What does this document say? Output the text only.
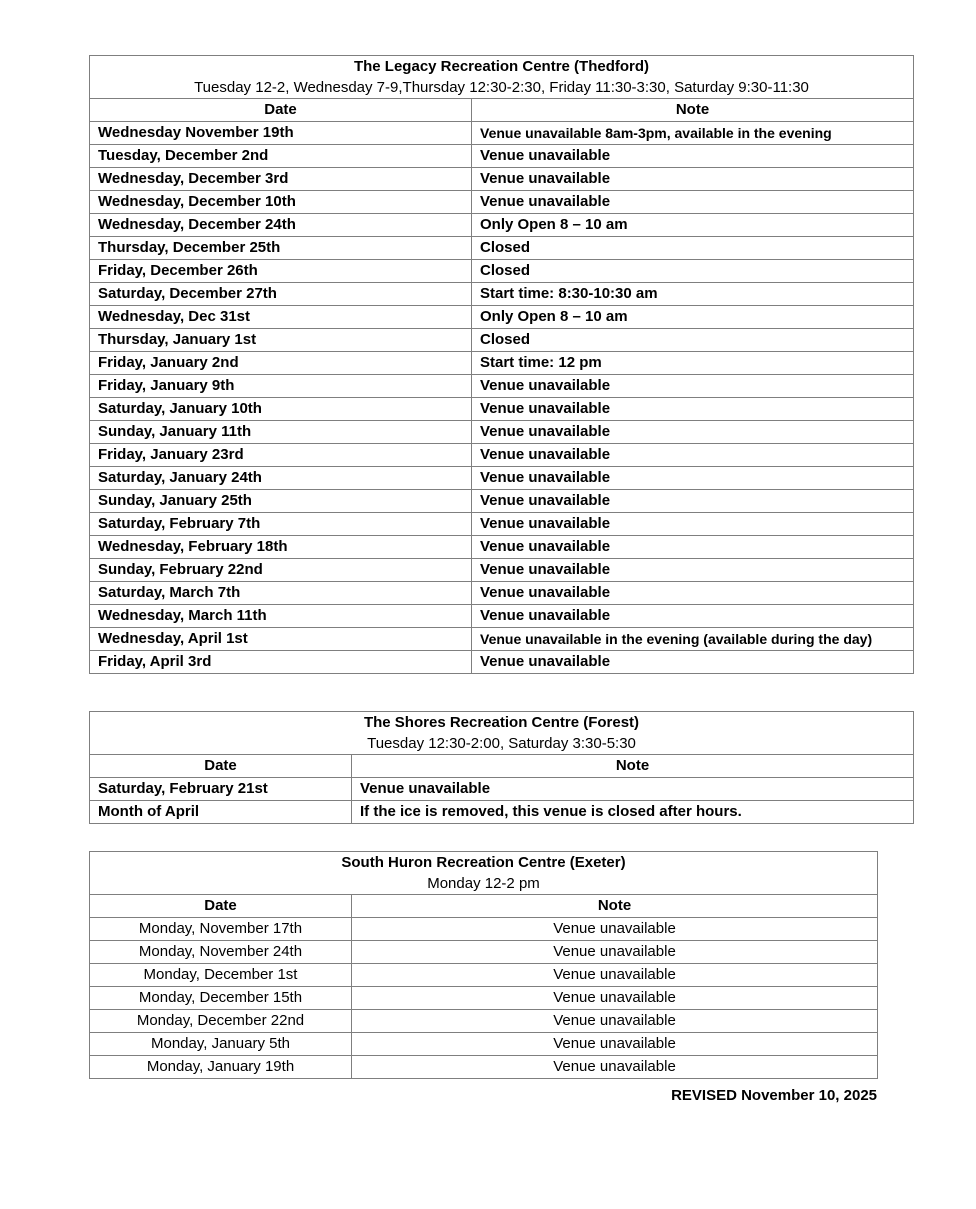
The Legacy Recreation Centre (Thedford)	
Tuesday 12-2, Wednesday 7-9,Thursday 12:30-2:30, Friday 11:30-3:30, Saturday 9:30-11:30	
Date	Note
Wednesday November 19th	Venue unavailable 8am-3pm, available in the evening
Tuesday, December 2nd	Venue unavailable
Wednesday, December 3rd	Venue unavailable
Wednesday, December 10th	Venue unavailable
Wednesday, December 24th	Only Open 8 – 10 am
Thursday, December 25th	Closed
Friday, December 26th	Closed
Saturday, December 27th	Start time: 8:30-10:30 am
Wednesday, Dec 31st	Only Open 8 – 10 am
Thursday, January 1st	Closed
Friday, January 2nd	Start time: 12 pm
Friday, January 9th	Venue unavailable
Saturday, January 10th	Venue unavailable
Sunday, January 11th	Venue unavailable
Friday, January 23rd	Venue unavailable
Saturday, January 24th	Venue unavailable
Sunday, January 25th	Venue unavailable
Saturday, February 7th	Venue unavailable
Wednesday, February 18th	Venue unavailable
Sunday, February 22nd	Venue unavailable
Saturday, March 7th	Venue unavailable
Wednesday, March 11th	Venue unavailable
Wednesday, April 1st	Venue unavailable in the evening (available during the day)
Friday, April 3rd	Venue unavailable
The Shores Recreation Centre (Forest)	
Tuesday 12:30-2:00, Saturday 3:30-5:30	
Date	Note
Saturday, February 21st	Venue unavailable
Month of April	If the ice is removed, this venue is closed after hours.
South Huron Recreation Centre (Exeter)	
Monday 12-2 pm	
Date	Note
Monday, November 17th	Venue unavailable
Monday, November 24th	Venue unavailable
Monday, December 1st	Venue unavailable
Monday, December 15th	Venue unavailable
Monday, December 22nd	Venue unavailable
Monday, January 5th	Venue unavailable
Monday, January 19th	Venue unavailable
REVISED November 10, 2025
